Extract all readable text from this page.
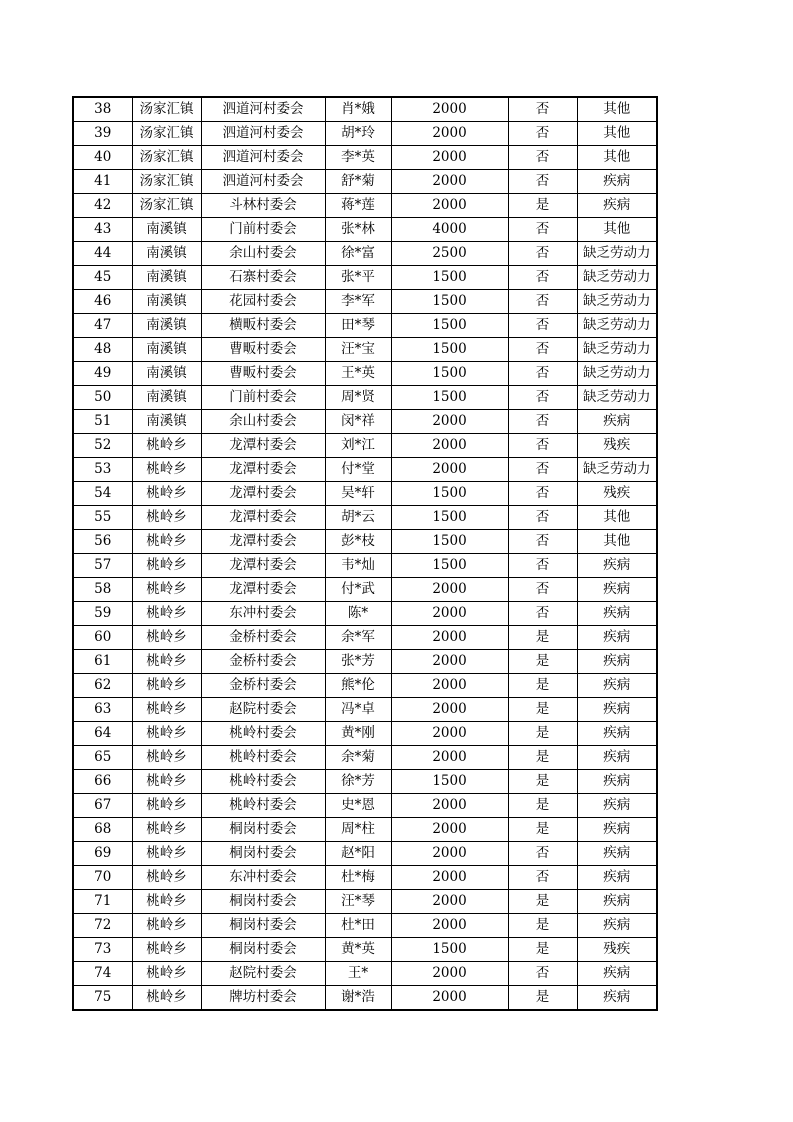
38	汤家汇镇	泗道河村委会	肖*娥	2000	否	其他
39	汤家汇镇	泗道河村委会	胡*玲	2000	否	其他
40	汤家汇镇	泗道河村委会	李*英	2000	否	其他
41	汤家汇镇	泗道河村委会	舒*菊	2000	否	疾病
42	汤家汇镇	斗林村委会	蒋*莲	2000	是	疾病
43	南溪镇	门前村委会	张*林	4000	否	其他
44	南溪镇	余山村委会	徐*富	2500	否	缺乏劳动力
45	南溪镇	石寨村委会	张*平	1500	否	缺乏劳动力
46	南溪镇	花园村委会	李*军	1500	否	缺乏劳动力
47	南溪镇	横畈村委会	田*琴	1500	否	缺乏劳动力
48	南溪镇	曹畈村委会	汪*宝	1500	否	缺乏劳动力
49	南溪镇	曹畈村委会	王*英	1500	否	缺乏劳动力
50	南溪镇	门前村委会	周*贤	1500	否	缺乏劳动力
51	南溪镇	余山村委会	闵*祥	2000	否	疾病
52	桃岭乡	龙潭村委会	刘*江	2000	否	残疾
53	桃岭乡	龙潭村委会	付*堂	2000	否	缺乏劳动力
54	桃岭乡	龙潭村委会	吴*轩	1500	否	残疾
55	桃岭乡	龙潭村委会	胡*云	1500	否	其他
56	桃岭乡	龙潭村委会	彭*枝	1500	否	其他
57	桃岭乡	龙潭村委会	韦*灿	1500	否	疾病
58	桃岭乡	龙潭村委会	付*武	2000	否	疾病
59	桃岭乡	东冲村委会	陈*	2000	否	疾病
60	桃岭乡	金桥村委会	余*军	2000	是	疾病
61	桃岭乡	金桥村委会	张*芳	2000	是	疾病
62	桃岭乡	金桥村委会	熊*伦	2000	是	疾病
63	桃岭乡	赵院村委会	冯*卓	2000	是	疾病
64	桃岭乡	桃岭村委会	黄*刚	2000	是	疾病
65	桃岭乡	桃岭村委会	余*菊	2000	是	疾病
66	桃岭乡	桃岭村委会	徐*芳	1500	是	疾病
67	桃岭乡	桃岭村委会	史*恩	2000	是	疾病
68	桃岭乡	桐岗村委会	周*柱	2000	是	疾病
69	桃岭乡	桐岗村委会	赵*阳	2000	否	疾病
70	桃岭乡	东冲村委会	杜*梅	2000	否	疾病
71	桃岭乡	桐岗村委会	汪*琴	2000	是	疾病
72	桃岭乡	桐岗村委会	杜*田	2000	是	疾病
73	桃岭乡	桐岗村委会	黄*英	1500	是	残疾
74	桃岭乡	赵院村委会	王*	2000	否	疾病
75	桃岭乡	牌坊村委会	谢*浩	2000	是	疾病
